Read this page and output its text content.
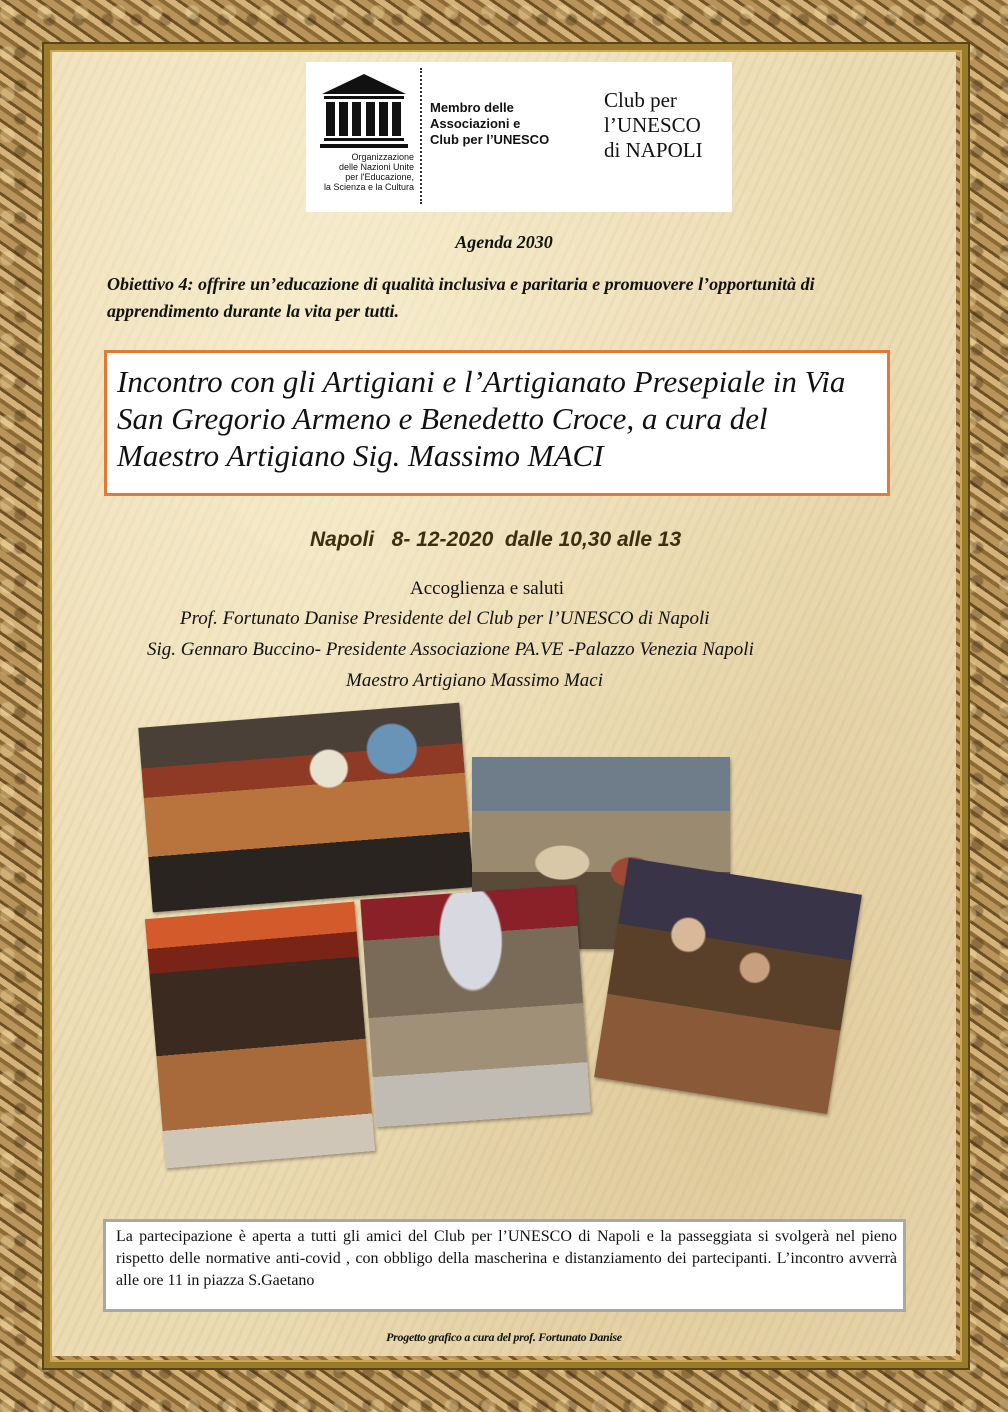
Organizzazione
delle Nazioni Unite
per l'Educazione,
la Scienza e la Cultura
Membro delle
Associazioni e
Club per l’UNESCO
Club per
l’UNESCO
di NAPOLI
Agenda 2030
Obiettivo 4: offrire un’educazione di qualità inclusiva e paritaria e promuovere l’opportunità di apprendimento durante la vita per tutti.

Incontro con gli Artigiani e l’Artigianato Presepiale in Via San Gregorio Armeno e Benedetto Croce, a cura del Maestro Artigiano Sig. Massimo MACI

Napoli   8- 12-2020  dalle 10,30 alle 13
Accoglienza e saluti
Prof. Fortunato Danise Presidente del Club per l’UNESCO di Napoli
Sig. Gennaro Buccino- Presidente Associazione PA.VE -Palazzo Venezia Napoli
Maestro Artigiano Massimo Maci
La partecipazione è aperta a tutti gli amici del Club per l’UNESCO di Napoli e la passeggiata si svolgerà nel pieno rispetto delle normative anti-covid , con obbligo della mascherina e distanziamento dei partecipanti. L’incontro avverrà alle ore 11 in piazza S.Gaetano
Progetto grafico a cura del prof. Fortunato Danise
